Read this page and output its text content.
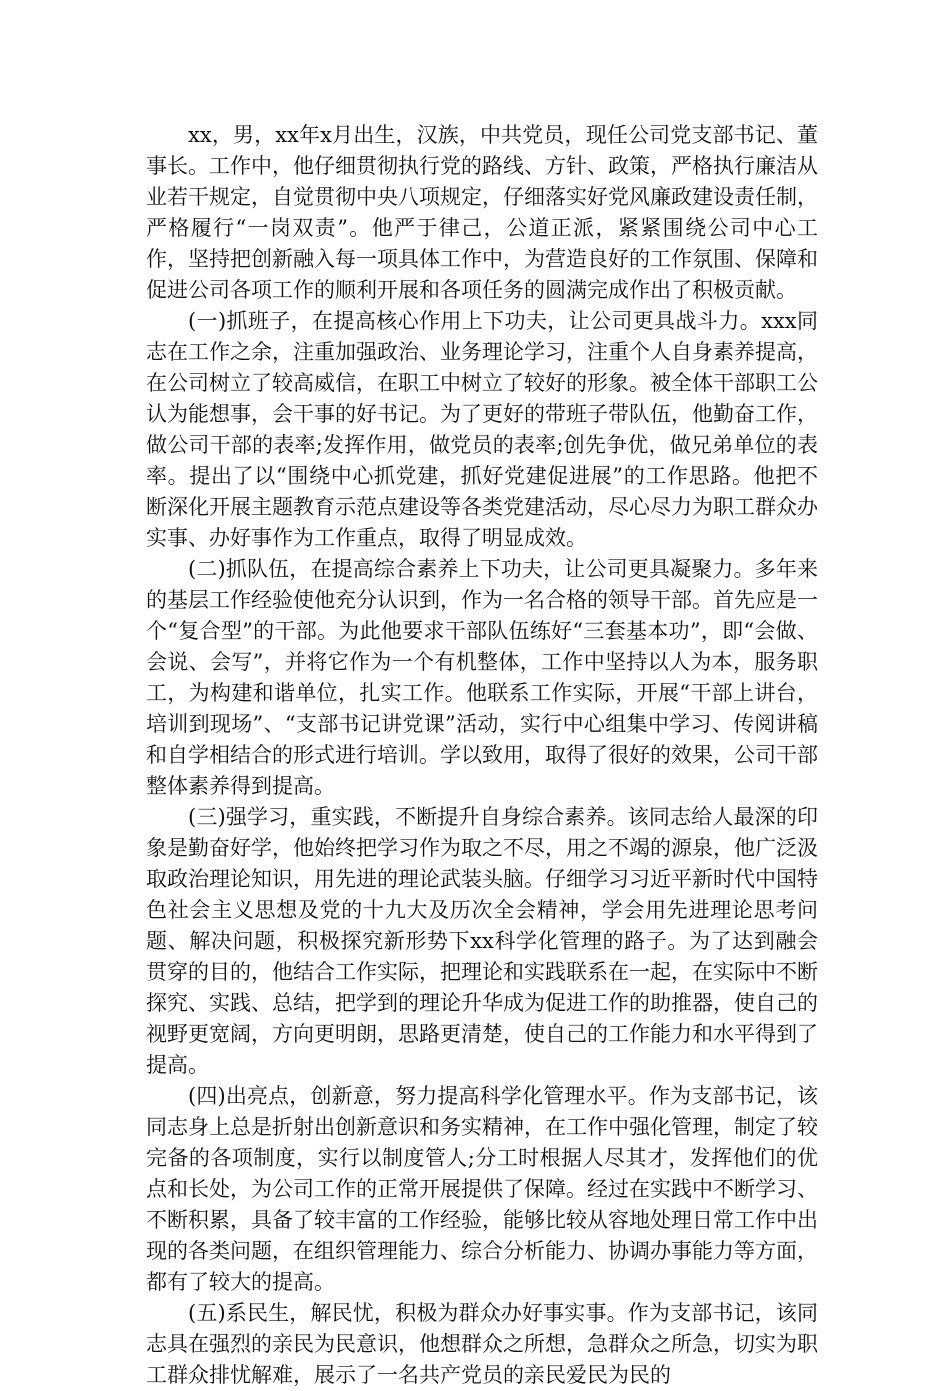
xx，男，xx年x月出生，汉族，中共党员，现任公司党支部书记、董事长。工作中，他仔细贯彻执行党的路线、方针、政策，严格执行廉洁从业若干规定，自觉贯彻中央八项规定，仔细落实好党风廉政建设责任制，严格履行“一岗双责”。他严于律己，公道正派，紧紧围绕公司中心工作，坚持把创新融入每一项具体工作中，为营造良好的工作氛围、保障和促进公司各项工作的顺利开展和各项任务的圆满完成作出了积极贡献。

(一)抓班子，在提高核心作用上下功夫，让公司更具战斗力。xxx同志在工作之余，注重加强政治、业务理论学习，注重个人自身素养提高，在公司树立了较高威信，在职工中树立了较好的形象。被全体干部职工公认为能想事，会干事的好书记。为了更好的带班子带队伍，他勤奋工作，做公司干部的表率;发挥作用，做党员的表率;创先争优，做兄弟单位的表率。提出了以“围绕中心抓党建，抓好党建促进展”的工作思路。他把不断深化开展主题教育示范点建设等各类党建活动，尽心尽力为职工群众办实事、办好事作为工作重点，取得了明显成效。

(二)抓队伍，在提高综合素养上下功夫，让公司更具凝聚力。多年来的基层工作经验使他充分认识到，作为一名合格的领导干部。首先应是一个“复合型”的干部。为此他要求干部队伍练好“三套基本功”，即“会做、会说、会写”，并将它作为一个有机整体，工作中坚持以人为本，服务职工，为构建和谐单位，扎实工作。他联系工作实际，开展“干部上讲台，培训到现场”、“支部书记讲党课”活动，实行中心组集中学习、传阅讲稿和自学相结合的形式进行培训。学以致用，取得了很好的效果，公司干部整体素养得到提高。

(三)强学习，重实践，不断提升自身综合素养。该同志给人最深的印象是勤奋好学，他始终把学习作为取之不尽，用之不竭的源泉，他广泛汲取政治理论知识，用先进的理论武装头脑。仔细学习习近平新时代中国特色社会主义思想及党的十九大及历次全会精神，学会用先进理论思考问题、解决问题，积极探究新形势下xx科学化管理的路子。为了达到融会贯穿的目的，他结合工作实际，把理论和实践联系在一起，在实际中不断探究、实践、总结，把学到的理论升华成为促进工作的助推器，使自己的视野更宽阔，方向更明朗，思路更清楚，使自己的工作能力和水平得到了提高。

(四)出亮点，创新意，努力提高科学化管理水平。作为支部书记，该同志身上总是折射出创新意识和务实精神，在工作中强化管理，制定了较完备的各项制度，实行以制度管人;分工时根据人尽其才，发挥他们的优点和长处，为公司工作的正常开展提供了保障。经过在实践中不断学习、不断积累，具备了较丰富的工作经验，能够比较从容地处理日常工作中出现的各类问题，在组织管理能力、综合分析能力、协调办事能力等方面，都有了较大的提高。

(五)系民生，解民忧，积极为群众办好事实事。作为支部书记，该同志具在强烈的亲民为民意识，他想群众之所想，急群众之所急，切实为职工群众排忧解难，展示了一名共产党员的亲民爱民为民的
